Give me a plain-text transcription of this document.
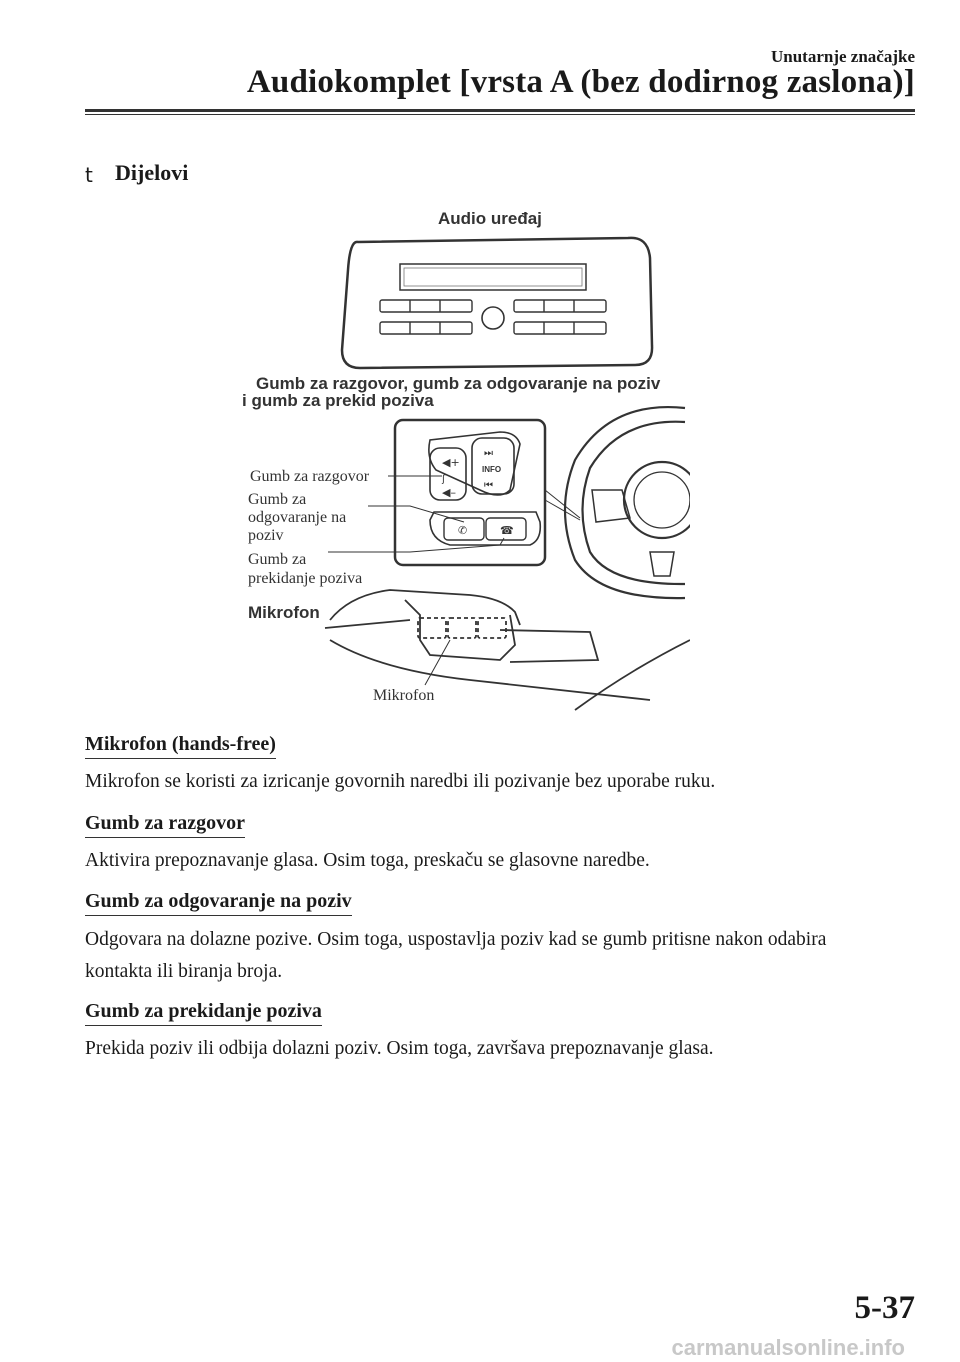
Unutarnje značajke
Audiokomplet [vrsta A (bez dodirnog zaslona)]
t Dijelovi
Audio uređaj
Gumb za razgovor, gumb za odgovaranje na poziv
i gumb za prekid poziva
◀+
ʃ
◀–
⏭
INFO
⏮
✆	☎
Gumb za razgovor
Gumb za
odgovaranje na
poziv
Gumb za
prekidanje poziva
Mikrofon
Mikrofon
Mikrofon (hands-free)
Mikrofon se koristi za izricanje govornih naredbi ili pozivanje bez uporabe ruku.
Gumb za razgovor
Aktivira prepoznavanje glasa. Osim toga, preskaču se glasovne naredbe.
Gumb za odgovaranje na poziv
Odgovara na dolazne pozive. Osim toga, uspostavlja poziv kad se gumb pritisne nakon odabira kontakta ili biranja broja.
Gumb za prekidanje poziva
Prekida poziv ili odbija dolazni poziv. Osim toga, završava prepoznavanje glasa.
5-37
carmanualsonline.info
